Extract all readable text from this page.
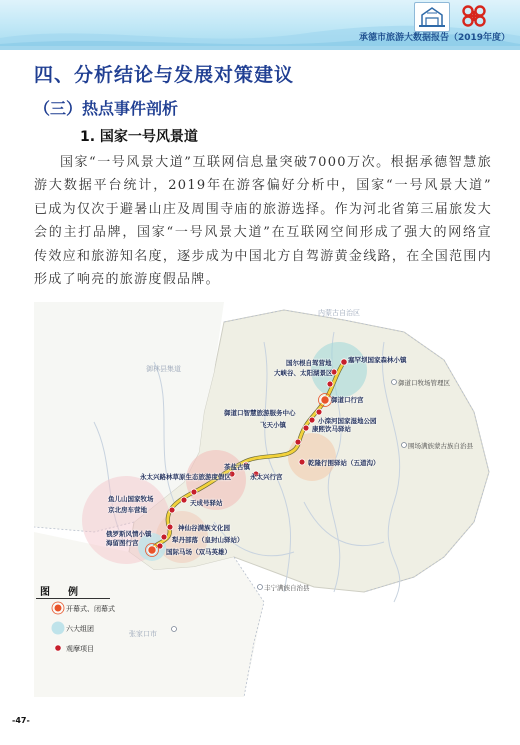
承德市旅游大数据报告（2019年度）
四、分析结论与发展对策建议
（三）热点事件剖析
1. 国家一号风景道
国家“一号风景大道”互联网信息量突破7000万次。根据承德智慧旅游大数据平台统计，2019年在游客偏好分析中，国家“一号风景大道” 已成为仅次于避暑山庄及周围寺庙的旅游选择。作为河北省第三届旅发大会的主打品牌，国家“一号风景大道”在互联网空间形成了强大的网络宣传效应和旅游知名度，逐步成为中国北方自驾游黄金线路，在全国范围内形成了响亮的旅游度假品牌。
内蒙古自治区
御林县集道
张家口市
丰宁满族自治县
围场满族蒙古族自治县
御道口牧场管理区
塞罕坝国家森林小镇
国尔根自驾营地
大峡谷、太阳湖景区
御道口行宫
御道口智慧旅游服务中心
小滦河国家湿地公园
康熙饮马驿站
飞天小镇
乾隆行围驿站（五道沟）
茶盐古镇
永太兴路林草原生态旅游度假区	永太兴行宫
鱼儿山国家牧场
京北房车营地
天成号驿站
俄罗斯风情小镇
海留图行宫
神仙谷满族文化园
犁丹部落（皇封山驿站）
国际马场（双马英雄）
图例
开幕式、闭幕式
六大组团
观摩项目
-47-
